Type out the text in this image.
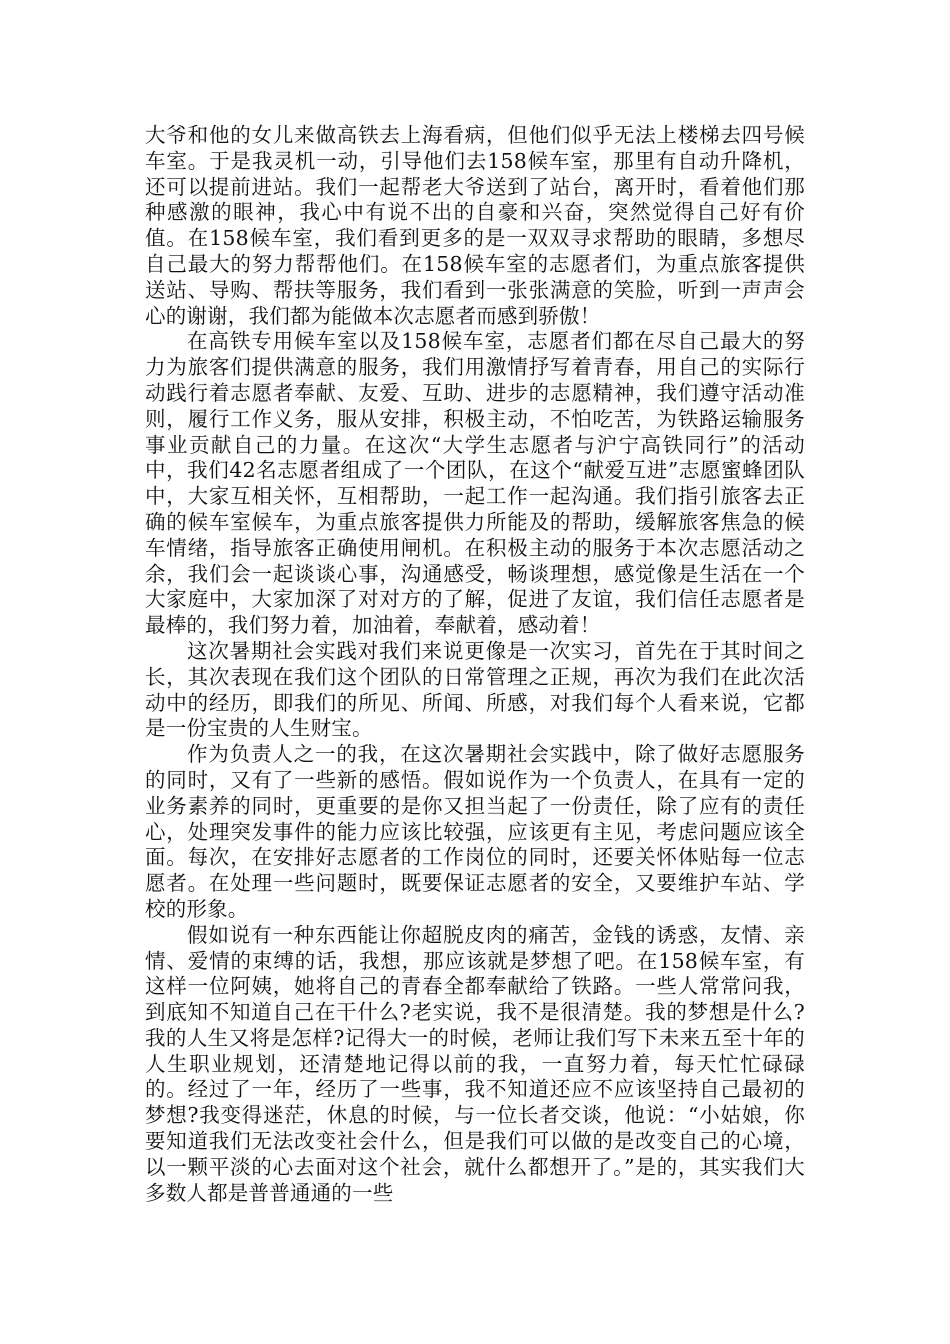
大爷和他的女儿来做高铁去上海看病，但他们似乎无法上楼梯去四号候车室。于是我灵机一动，引导他们去158候车室，那里有自动升降机，还可以提前进站。我们一起帮老大爷送到了站台，离开时，看着他们那种感激的眼神，我心中有说不出的自豪和兴奋，突然觉得自己好有价值。在158候车室，我们看到更多的是一双双寻求帮助的眼睛，多想尽自己最大的努力帮帮他们。在158候车室的志愿者们，为重点旅客提供送站、导购、帮扶等服务，我们看到一张张满意的笑脸，听到一声声会心的谢谢，我们都为能做本次志愿者而感到骄傲！

在高铁专用候车室以及158候车室，志愿者们都在尽自己最大的努力为旅客们提供满意的服务，我们用激情抒写着青春，用自己的实际行动践行着志愿者奉献、友爱、互助、进步的志愿精神，我们遵守活动准则，履行工作义务，服从安排，积极主动，不怕吃苦，为铁路运输服务事业贡献自己的力量。在这次“大学生志愿者与沪宁高铁同行”的活动中，我们42名志愿者组成了一个团队，在这个“献爱互进”志愿蜜蜂团队中，大家互相关怀，互相帮助，一起工作一起沟通。我们指引旅客去正确的候车室候车，为重点旅客提供力所能及的帮助，缓解旅客焦急的候车情绪，指导旅客正确使用闸机。在积极主动的服务于本次志愿活动之余，我们会一起谈谈心事，沟通感受，畅谈理想，感觉像是生活在一个大家庭中，大家加深了对对方的了解，促进了友谊，我们信任志愿者是最棒的，我们努力着，加油着，奉献着，感动着！

这次暑期社会实践对我们来说更像是一次实习，首先在于其时间之长，其次表现在我们这个团队的日常管理之正规，再次为我们在此次活动中的经历，即我们的所见、所闻、所感，对我们每个人看来说，它都是一份宝贵的人生财宝。

作为负责人之一的我，在这次暑期社会实践中，除了做好志愿服务的同时，又有了一些新的感悟。假如说作为一个负责人，在具有一定的业务素养的同时，更重要的是你又担当起了一份责任，除了应有的责任心，处理突发事件的能力应该比较强，应该更有主见，考虑问题应该全面。每次，在安排好志愿者的工作岗位的同时，还要关怀体贴每一位志愿者。在处理一些问题时，既要保证志愿者的安全，又要维护车站、学校的形象。

假如说有一种东西能让你超脱皮肉的痛苦，金钱的诱惑，友情、亲情、爱情的束缚的话，我想，那应该就是梦想了吧。在158候车室，有这样一位阿姨，她将自己的青春全都奉献给了铁路。一些人常常问我，到底知不知道自己在干什么?老实说，我不是很清楚。我的梦想是什么?我的人生又将是怎样?记得大一的时候，老师让我们写下未来五至十年的人生职业规划，还清楚地记得以前的我，一直努力着，每天忙忙碌碌的。经过了一年，经历了一些事，我不知道还应不应该坚持自己最初的梦想?我变得迷茫，休息的时候，与一位长者交谈，他说：“小姑娘，你要知道我们无法改变社会什么，但是我们可以做的是改变自己的心境，以一颗平淡的心去面对这个社会，就什么都想开了。”是的，其实我们大多数人都是普普通通的一些
